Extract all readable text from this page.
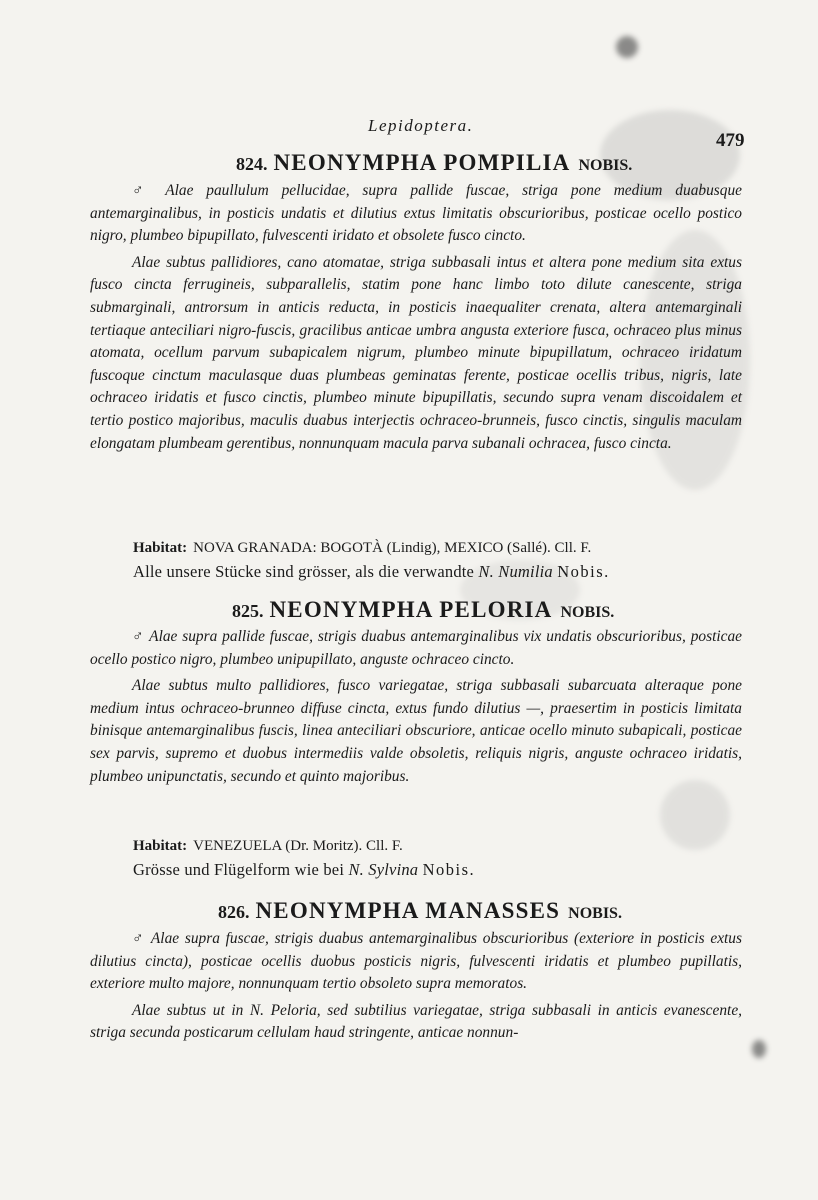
Lepidoptera.
479
824. NEONYMPHA POMPILIA NOBIS.

♂ Alae paullulum pellucidae, supra pallide fuscae, striga pone medium duabusque antemarginalibus, in posticis undatis et dilutius extus limitatis obscurioribus, posticae ocello postico nigro, plumbeo bipupillato, fulvescenti iridato et obsolete fusco cincto.

Alae subtus pallidiores, cano atomatae, striga subbasali intus et altera pone medium sita extus fusco cincta ferrugineis, subparallelis, statim pone hanc limbo toto dilute canescente, striga submarginali, antrorsum in anticis reducta, in posticis inaequaliter crenata, altera antemarginali tertiaque anteciliari nigro-fuscis, gracilibus anticae umbra angusta exteriore fusca, ochraceo plus minus atomata, ocellum parvum subapicalem nigrum, plumbeo minute bipupillatum, ochraceo iridatum fuscoque cinctum maculasque duas plumbeas geminatas ferente, posticae ocellis tribus, nigris, late ochraceo iridatis et fusco cinctis, plumbeo minute bipupillatis, secundo supra venam discoidalem et tertio postico majoribus, maculis duabus interjectis ochraceo-brunneis, fusco cinctis, singulis maculam elongatam plumbeam gerentibus, nonnunquam macula parva subanali ochracea, fusco cincta.

Habitat: NOVA GRANADA: BOGOTÀ (Lindig), MEXICO (Sallé). Cll. F.
Alle unsere Stücke sind grösser, als die verwandte N. Numilia Nobis.
825. NEONYMPHA PELORIA NOBIS.

♂ Alae supra pallide fuscae, strigis duabus antemarginalibus vix undatis obscurioribus, posticae ocello postico nigro, plumbeo unipupillato, anguste ochraceo cincto.

Alae subtus multo pallidiores, fusco variegatae, striga subbasali subarcuata alteraque pone medium intus ochraceo-brunneo diffuse cincta, extus fundo dilutius —, praesertim in posticis limitata binisque antemarginalibus fuscis, linea anteciliari obscuriore, anticae ocello minuto subapicali, posticae sex parvis, supremo et duobus intermediis valde obsoletis, reliquis nigris, anguste ochraceo iridatis, plumbeo unipunctatis, secundo et quinto majoribus.

Habitat: VENEZUELA (Dr. Moritz). Cll. F.
Grösse und Flügelform wie bei N. Sylvina Nobis.
826. NEONYMPHA MANASSES NOBIS.

♂ Alae supra fuscae, strigis duabus antemarginalibus obscurioribus (exteriore in posticis extus dilutius cincta), posticae ocellis duobus posticis nigris, fulvescenti iridatis et plumbeo pupillatis, exteriore multo majore, nonnunquam tertio obsoleto supra memoratos.

Alae subtus ut in N. Peloria, sed subtilius variegatae, striga subbasali in anticis evanescente, striga secunda posticarum cellulam haud stringente, anticae nonnun-
